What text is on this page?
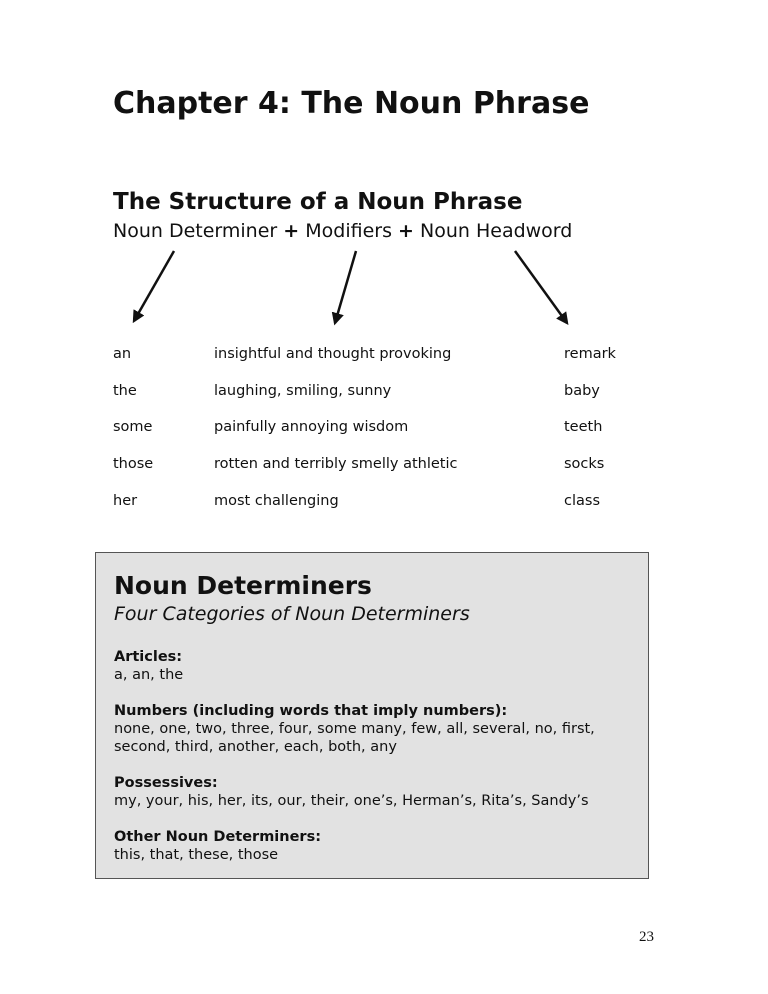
Chapter 4: The Noun Phrase
The Structure of a Noun Phrase
Noun Determiner + Modifiers + Noun Headword
an	insightful and thought provoking	remark
the	laughing, smiling, sunny	baby
some	painfully annoying wisdom	teeth
those	rotten and terribly smelly athletic	socks
her	most challenging	class
Noun Determiners
Four Categories of Noun Determiners
Articles:
a, an, the
Numbers (including words that imply numbers):
none, one, two, three, four, some many, few, all, several, no, first, second, third, another, each, both, any
Possessives:
my, your, his, her, its, our, their, one’s, Herman’s, Rita’s, Sandy’s
Other Noun Determiners:
this, that, these, those
23
